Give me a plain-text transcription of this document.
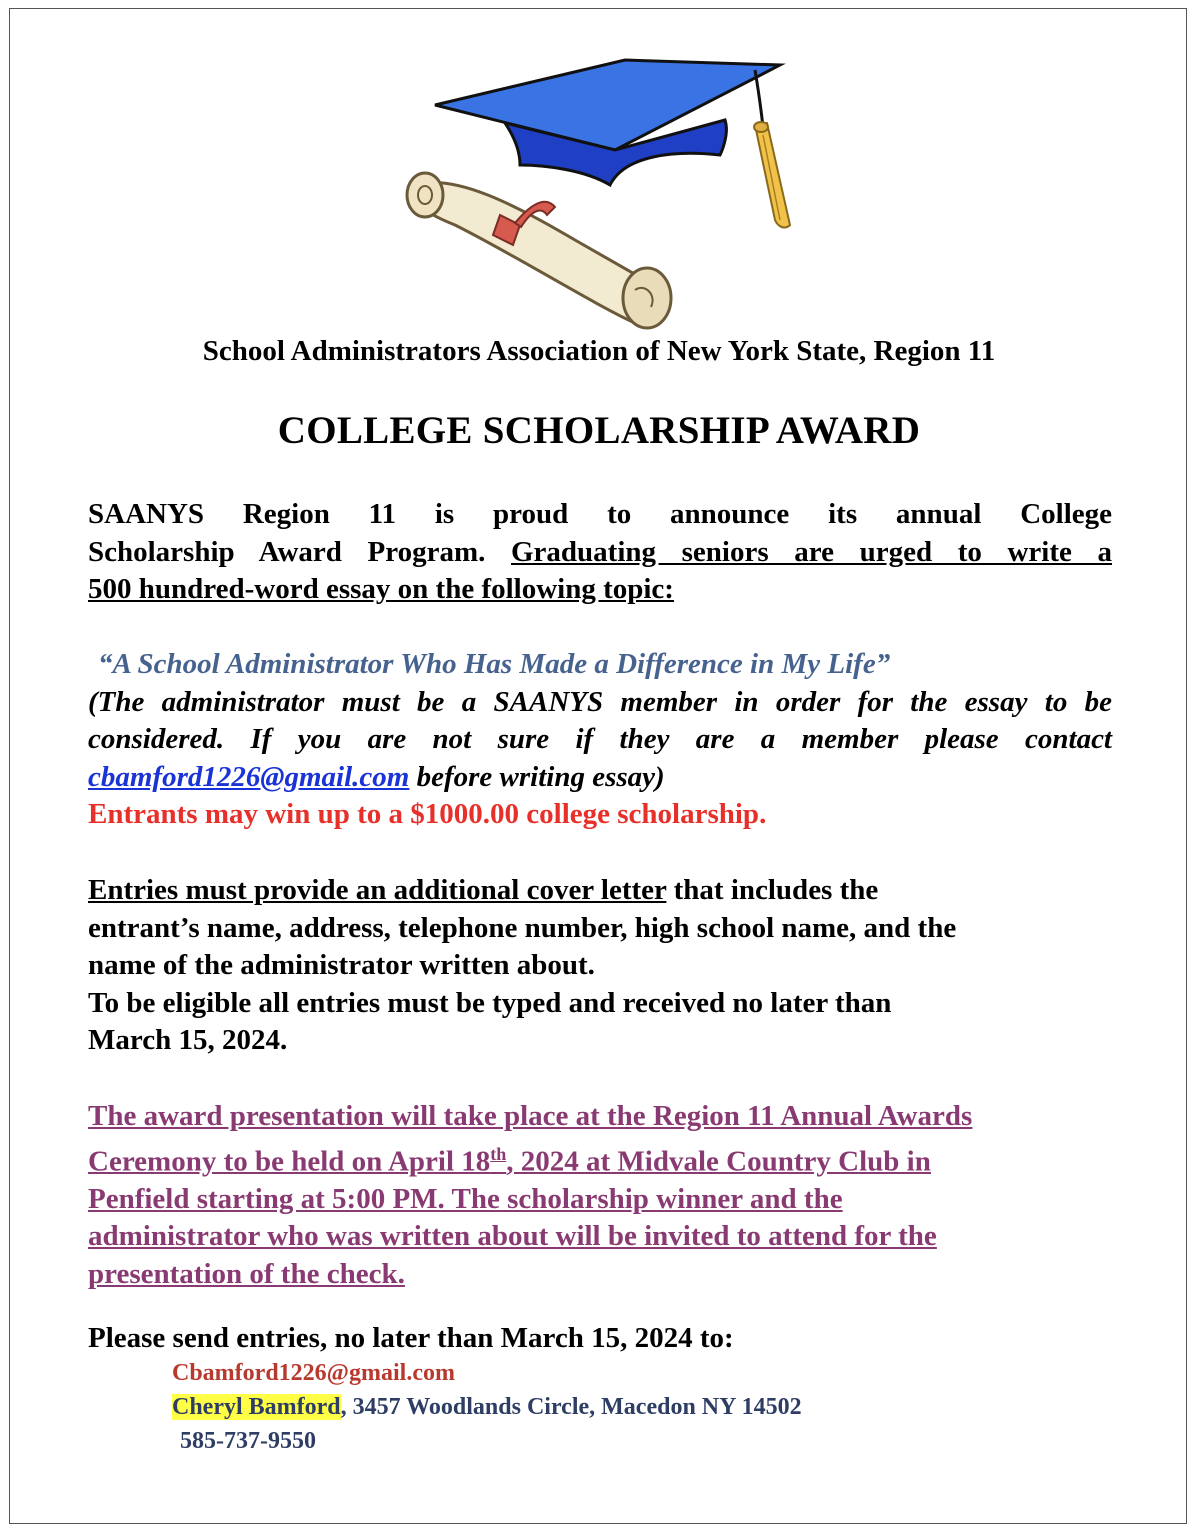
School Administrators Association of New York State, Region 11
COLLEGE SCHOLARSHIP AWARD
SAANYS Region 11 is proud to announce its annual College
Scholarship Award Program. Graduating seniors are urged to write a
500 hundred-word essay on the following topic:
“A School Administrator Who Has Made a Difference in My Life”
(The administrator must be a SAANYS member in order for the essay to be
considered. If you are not sure if they are a member please contact
cbamford1226@gmail.com before writing essay)
Entrants may win up to a $1000.00 college scholarship.
Entries must provide an additional cover letter that includes the
entrant’s name, address, telephone number, high school name, and the
name of the administrator written about.
To be eligible all entries must be typed and received no later than
March 15, 2024.
The award presentation will take place at the Region 11 Annual Awards
Ceremony to be held on April 18th, 2024 at Midvale Country Club in
Penfield starting at 5:00 PM. The scholarship winner and the
administrator who was written about will be invited to attend for the
presentation of the check.
Please send entries, no later than March 15, 2024 to:
Cbamford1226@gmail.com
Cheryl Bamford, 3457 Woodlands Circle, Macedon NY 14502
585-737-9550
